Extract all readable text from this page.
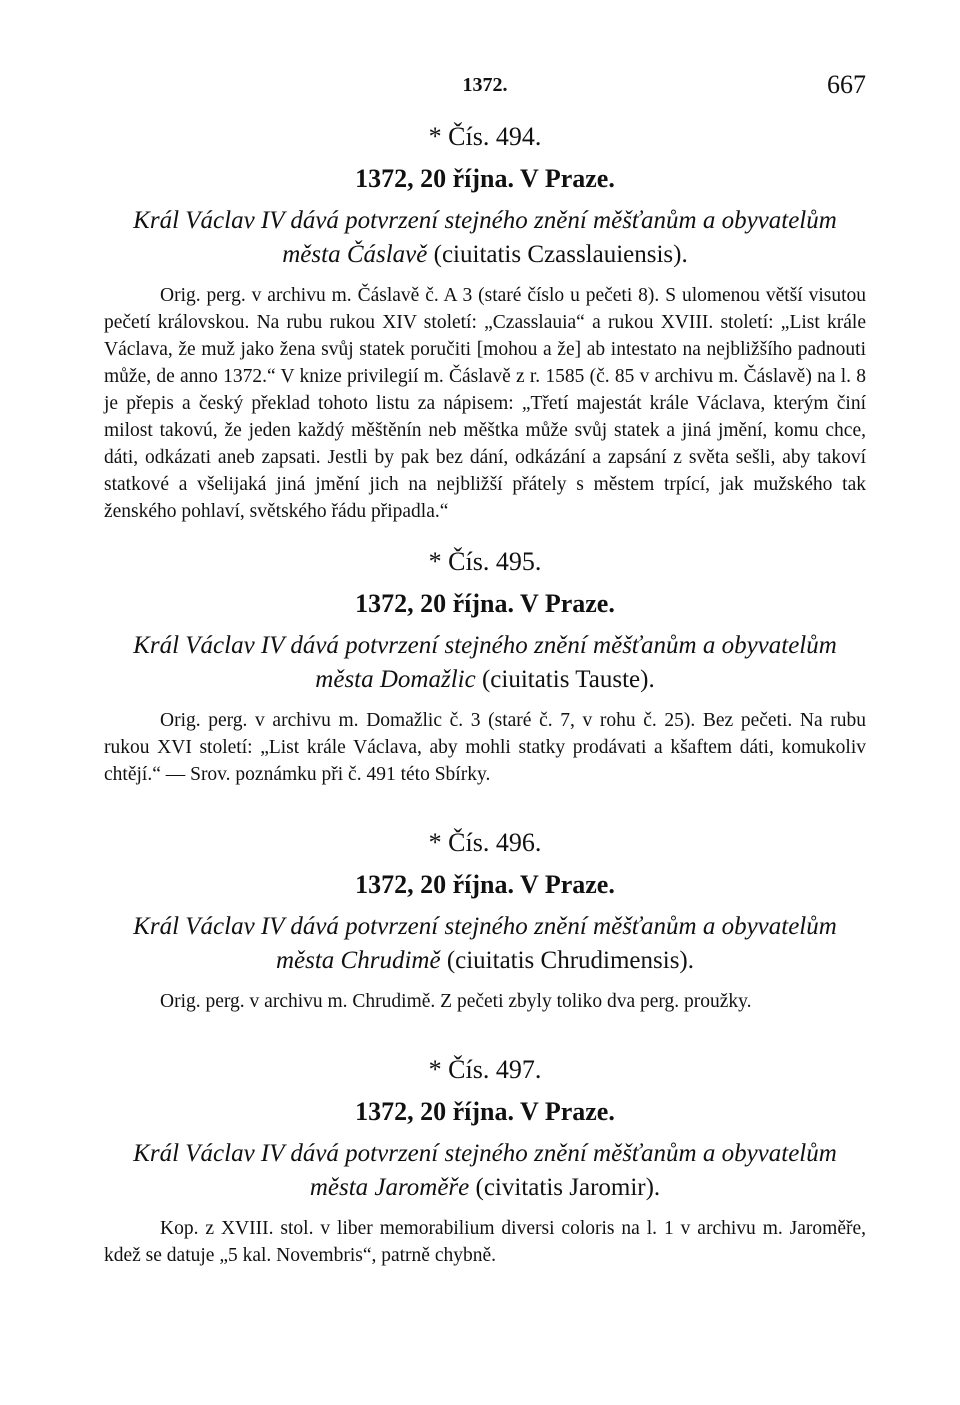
1372.	667
* Čís. 494.
1372, 20 října. V Praze.

Král Václav IV dává potvrzení stejného znění měšťanům a obyvatelům města Čáslavě (ciuitatis Czasslauiensis).

Orig. perg. v archivu m. Čáslavě č. A 3 (staré číslo u pečeti 8). S ulomenou větší visutou pečetí královskou. Na rubu rukou XIV století: „Czasslauia“ a rukou XVIII. století: „List krále Václava, že muž jako žena svůj statek poručiti [mohou a že] ab intestato na nejbližšího padnouti může, de anno 1372.“ V knize privilegií m. Čáslavě z r. 1585 (č. 85 v archivu m. Čáslavě) na l. 8 je přepis a český překlad tohoto listu za nápisem: „Třetí majestát krále Václava, kterým činí milost takovú, že jeden každý měštěnín neb měštka může svůj statek a jiná jmění, komu chce, dáti, odkázati aneb zapsati. Jestli by pak bez dání, odkázání a zapsání z světa sešli, aby takoví statkové a všelijaká jiná jmění jich na nejbližší přátely s městem trpící, jak mužského tak ženského pohlaví, světského řádu připadla.“

* Čís. 495.
1372, 20 října. V Praze.

Král Václav IV dává potvrzení stejného znění měšťanům a obyvatelům města Domažlic (ciuitatis Tauste).

Orig. perg. v archivu m. Domažlic č. 3 (staré č. 7, v rohu č. 25). Bez pečeti. Na rubu rukou XVI století: „List krále Václava, aby mohli statky prodávati a kšaftem dáti, komukoliv chtějí.“ — Srov. poznámku při č. 491 této Sbírky.

* Čís. 496.
1372, 20 října. V Praze.

Král Václav IV dává potvrzení stejného znění měšťanům a obyvatelům města Chrudimě (ciuitatis Chrudimensis).

Orig. perg. v archivu m. Chrudimě. Z pečeti zbyly toliko dva perg. proužky.

* Čís. 497.
1372, 20 října. V Praze.

Král Václav IV dává potvrzení stejného znění měšťanům a obyvatelům města Jaroměře (civitatis Jaromir).

Kop. z XVIII. stol. v liber memorabilium diversi coloris na l. 1 v archivu m. Jaroměře, kdež se datuje „5 kal. Novembris“, patrně chybně.
